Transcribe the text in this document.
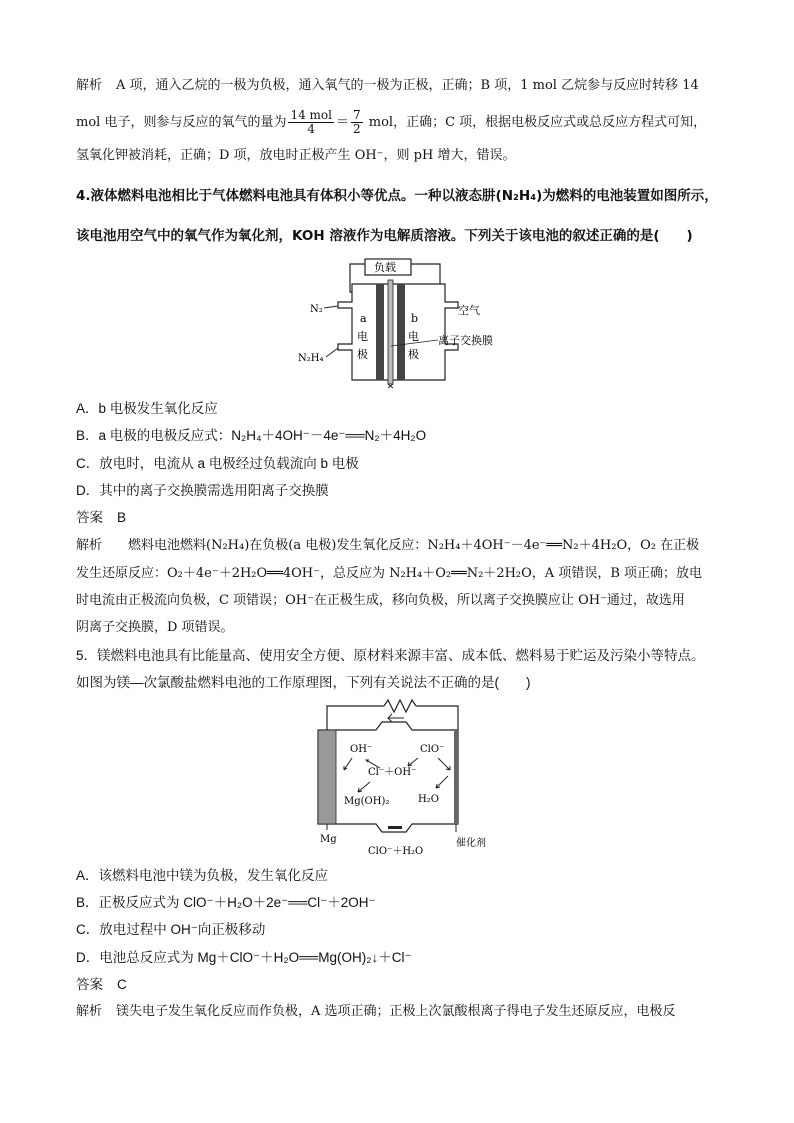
解析 A 项，通入乙烷的一极为负极，通入氧气的一极为正极，正确；B 项，1 mol 乙烷参与反应时转移 14
mol 电子，则参与反应的氧气的量为 $\frac{\text{14 mol}}{4} = \frac{7}{2}$ mol，正确；C 项，根据电极反应式或总反应方程式可知，
氢氧化钾被消耗，正确；D 项，放电时正极产生 OH⁻，则 pH 增大，错误。
4.液体燃料电池相比于气体燃料电池具有体积小等优点。一种以液态肼(N₂H₄)为燃料的电池装置如图所示，
该电池用空气中的氧气作为氧化剂，KOH 溶液作为电解质溶液。下列关于该电池的叙述正确的是(　　)
负载
N₂
N₂H₄
空气
a
电
极
b
电
极
离子交换膜
A．b 电极发生氧化反应
B．a 电极的电极反应式：N₂H₄＋4OH⁻－4e⁻══N₂＋4H₂O
C．放电时，电流从 a 电极经过负载流向 b 电极
D．其中的离子交换膜需选用阳离子交换膜
答案 B
解析 燃料电池燃料(N₂H₄)在负极(a 电极)发生氧化反应：N₂H₄＋4OH⁻－4e⁻══N₂＋4H₂O，O₂ 在正极
发生还原反应：O₂＋4e⁻＋2H₂O══4OH⁻，总反应为 N₂H₄＋O₂══N₂＋2H₂O，A 项错误，B 项正确；放电
时电流由正极流向负极，C 项错误；OH⁻在正极生成，移向负极，所以离子交换膜应让 OH⁻通过，故选用
阴离子交换膜，D 项错误。
5．镁燃料电池具有比能量高、使用安全方便、原材料来源丰富、成本低、燃料易于贮运及污染小等特点。
如图为镁—次氯酸盐燃料电池的工作原理图，下列有关说法不正确的是(　　)
OH⁻	ClO⁻
Cl⁻＋OH⁻
Mg(OH)₂	H₂O
Mg
ClO⁻＋H₂O
催化剂
A．该燃料电池中镁为负极，发生氧化反应
B．正极反应式为 ClO⁻＋H₂O＋2e⁻══Cl⁻＋2OH⁻
C．放电过程中 OH⁻向正极移动
D．电池总反应式为 Mg＋ClO⁻＋H₂O══Mg(OH)₂↓＋Cl⁻
答案 C
解析 镁失电子发生氧化反应而作负极，A 选项正确；正极上次氯酸根离子得电子发生还原反应，电极反
